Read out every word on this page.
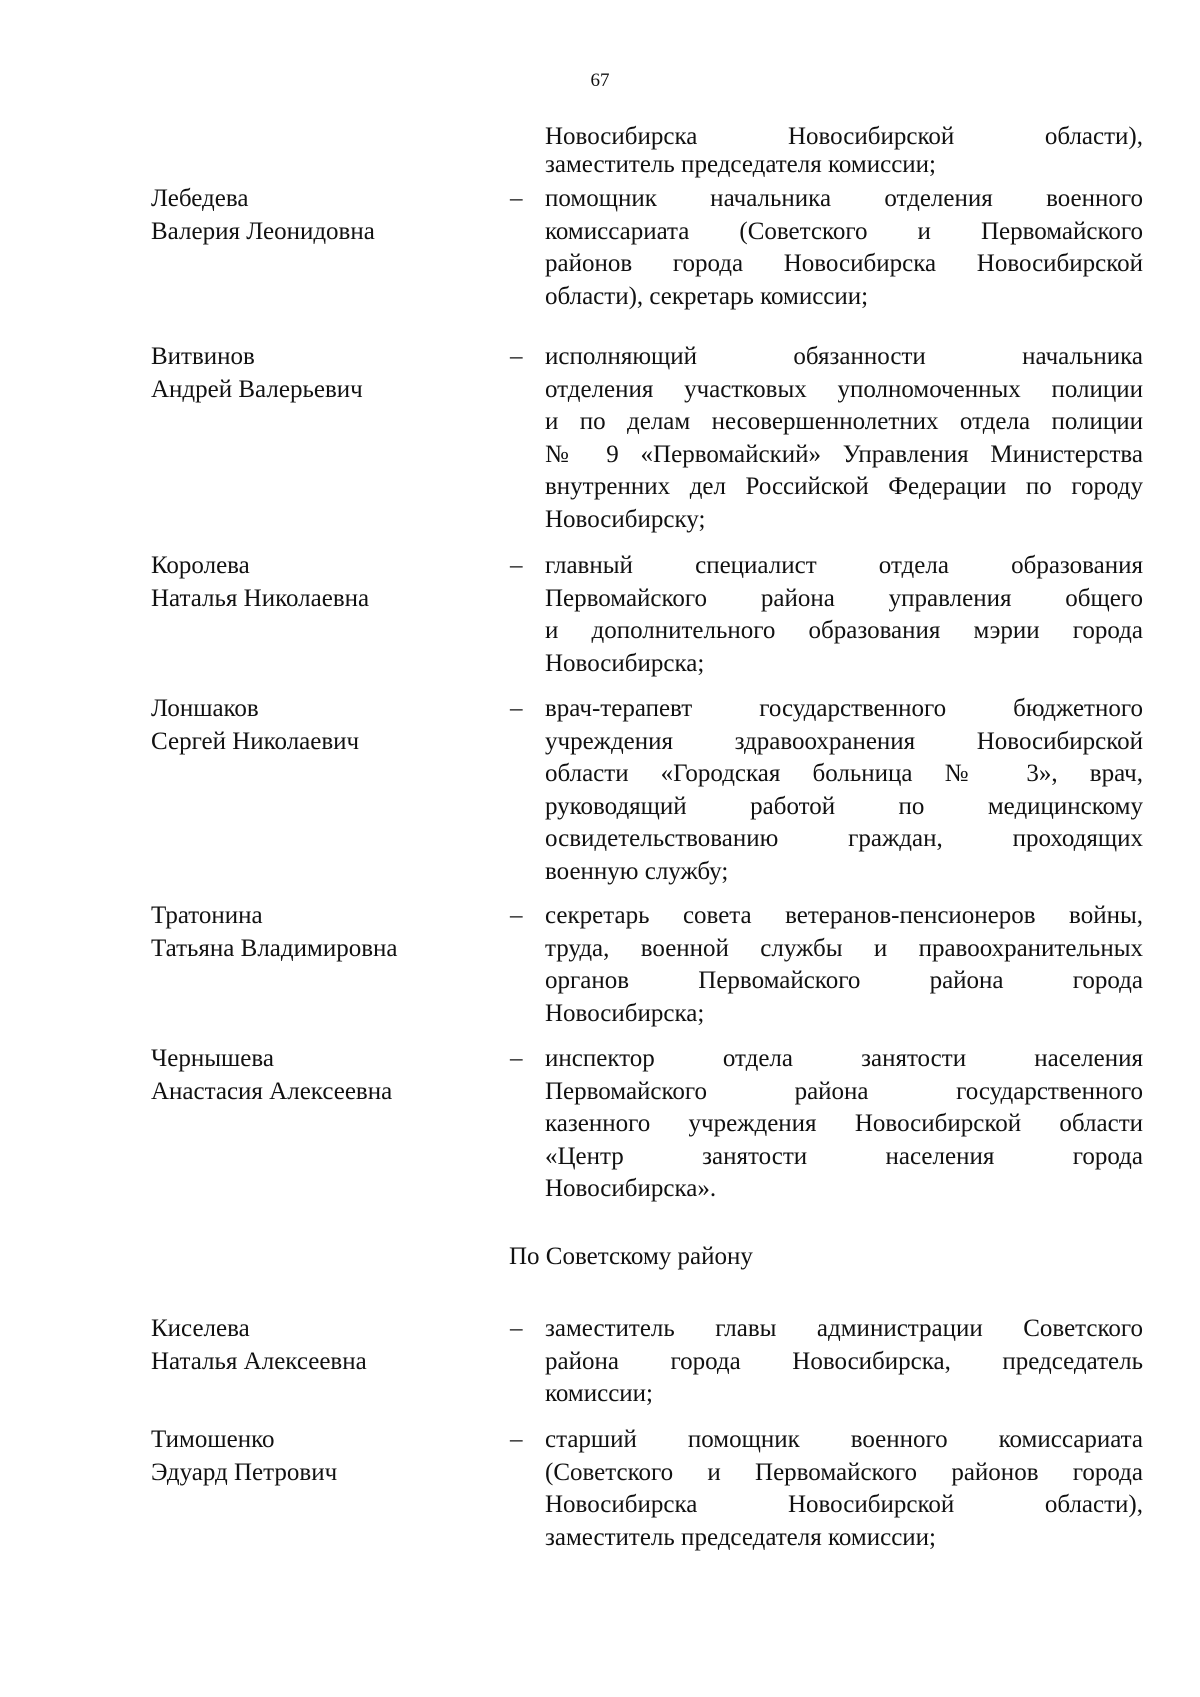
67
Новосибирска Новосибирской области),
заместитель председателя комиссии;
Лебедева
Валерия Леонидовна
– помощник начальника отделения военного
комиссариата (Советского и Первомайского
районов города Новосибирска Новосибирской
области), секретарь комиссии;
Витвинов
Андрей Валерьевич
– исполняющий обязанности начальника
отделения участковых уполномоченных полиции
и по делам несовершеннолетних отдела полиции
№ 9 «Первомайский» Управления Министерства
внутренних дел Российской Федерации по городу
Новосибирску;
Королева
Наталья Николаевна
– главный специалист отдела образования
Первомайского района управления общего
и дополнительного образования мэрии города
Новосибирска;
Лоншаков
Сергей Николаевич
– врач-терапевт государственного бюджетного
учреждения здравоохранения Новосибирской
области «Городская больница № 3», врач,
руководящий работой по медицинскому
освидетельствованию граждан, проходящих
военную службу;
Тратонина
Татьяна Владимировна
– секретарь совета ветеранов-пенсионеров войны,
труда, военной службы и правоохранительных
органов Первомайского района города
Новосибирска;
Чернышева
Анастасия Алексеевна
– инспектор отдела занятости населения
Первомайского района государственного
казенного учреждения Новосибирской области
«Центр занятости населения города
Новосибирска».
По Советскому району
Киселева
Наталья Алексеевна
– заместитель главы администрации Советского
района города Новосибирска, председатель
комиссии;
Тимошенко
Эдуард Петрович
– старший помощник военного комиссариата
(Советского и Первомайского районов города
Новосибирска Новосибирской области),
заместитель председателя комиссии;
